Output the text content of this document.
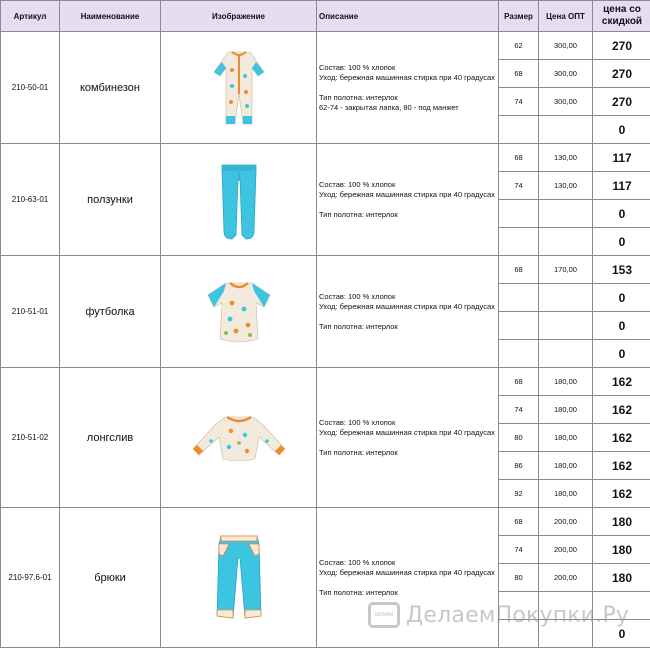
Артикул	Наименование	Изображение	Описание	Размер	Цена ОПТ	цена со скидкой
210-50-01	комбинезон		Состав: 100 % хлопок

Уход: бережная машинная стирка при 40 градусах

Тип полотна: интерлок

62-74 - закрытая лапка, 80 - под манжет	62	300,00	270
				68	300,00	270
				74	300,00	270
						0
210-63-01	ползунки		Состав: 100 % хлопок

Уход: бережная машинная стирка при 40 градусах

Тип полотна: интерлок	68	130,00	117
				74	130,00	117
						0
						0
210-51-01	футболка		Состав: 100 % хлопок

Уход: бережная машинная стирка при 40 градусах

Тип полотна: интерлок	68	170,00	153
						0
						0
						0
210-51-02	лонгслив		Состав: 100 % хлопок

Уход: бережная машинная стирка при 40 градусах

Тип полотна: интерлок	68	180,00	162
				74	180,00	162
				80	180,00	162
				86	180,00	162
				92	180,00	162
210-97.6-01	брюки		Состав: 100 % хлопок

Уход: бережная машинная стирка при 40 градусах

Тип полотна: интерлок	68	200,00	180
				74	200,00	180
				80	200,00	180

						0
ШКАФЫ ДелаемПокупки.Ру
